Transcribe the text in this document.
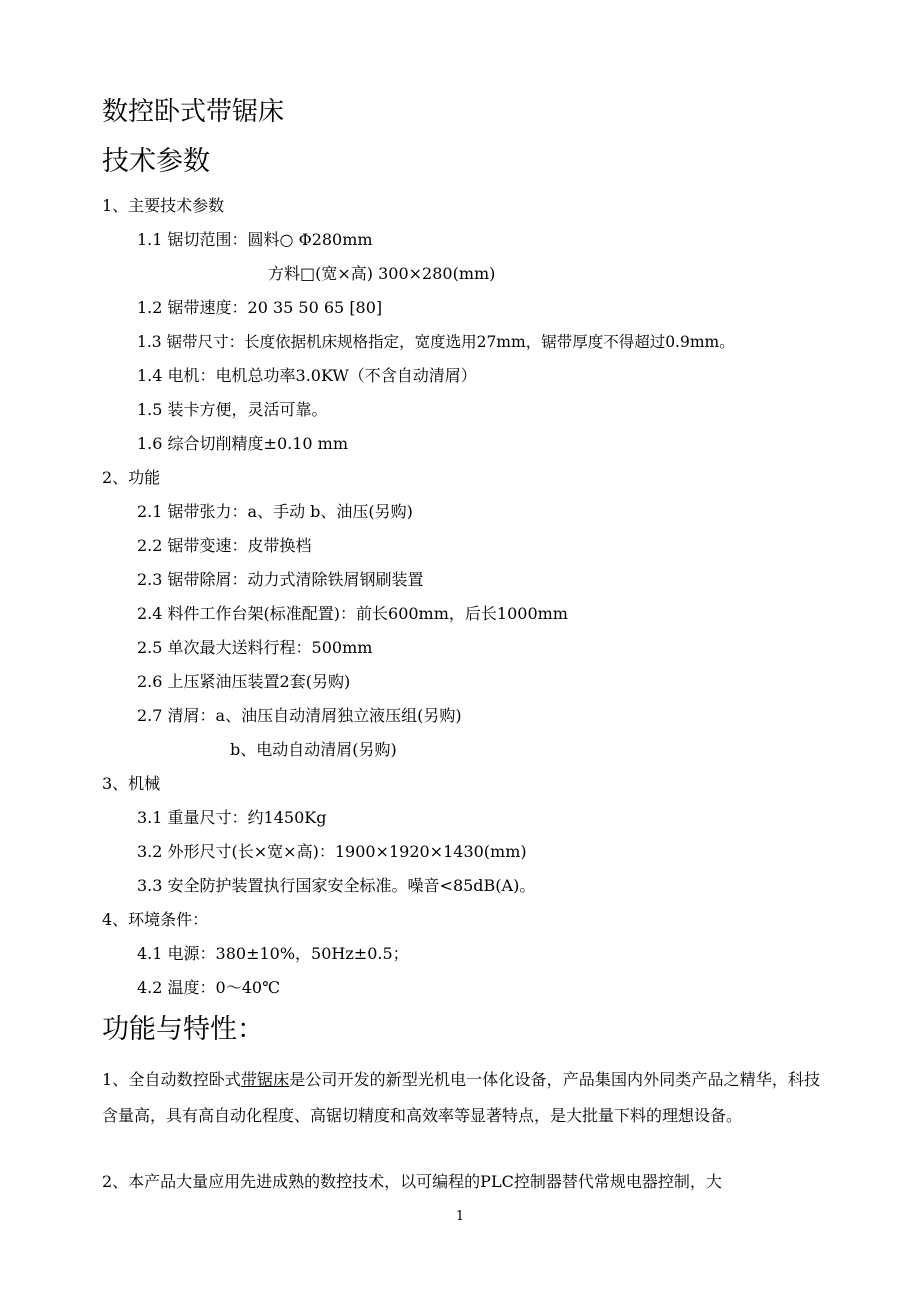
数控卧式带锯床
技术参数
1、主要技术参数
1.1 锯切范围：圆料○ Φ280mm
方料□(宽×高) 300×280(mm)
1.2 锯带速度：20 35 50 65 [80]
1.3 锯带尺寸：长度依据机床规格指定，宽度选用27mm，锯带厚度不得超过0.9mm。
1.4 电机：电机总功率3.0KW（不含自动清屑）
1.5 装卡方便，灵活可靠。
1.6 综合切削精度±0.10 mm
2、功能
2.1 锯带张力：a、手动 b、油压(另购)
2.2 锯带变速：皮带换档
2.3 锯带除屑：动力式清除铁屑钢刷装置
2.4 料件工作台架(标准配置)：前长600mm，后长1000mm
2.5 单次最大送料行程：500mm
2.6 上压紧油压装置2套(另购)
2.7 清屑：a、油压自动清屑独立液压组(另购)
b、电动自动清屑(另购)
3、机械
3.1 重量尺寸：约1450Kg
3.2 外形尺寸(长×宽×高)：1900×1920×1430(mm)
3.3 安全防护装置执行国家安全标准。噪音<85dB(A)。
4、环境条件：
4.1 电源：380±10%，50Hz±0.5；
4.2 温度：0～40℃
功能与特性：
1、全自动数控卧式带锯床是公司开发的新型光机电一体化设备，产品集国内外同类产品之精华，科技含量高，具有高自动化程度、高锯切精度和高效率等显著特点，是大批量下料的理想设备。
2、本产品大量应用先进成熟的数控技术，以可编程的PLC控制器替代常规电器控制，大
1
